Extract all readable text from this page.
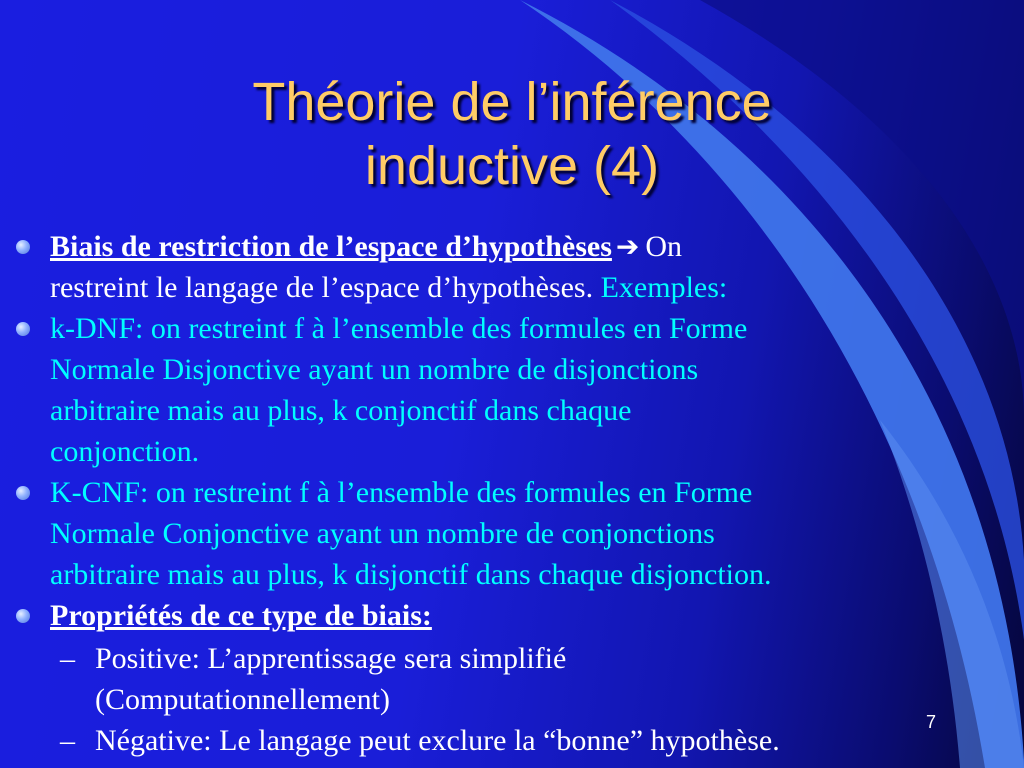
Théorie de l’inférence
inductive (4)
Biais de restriction de l’espace d’hypothèses ➔ On
restreint le langage de l’espace d’hypothèses. Exemples:
k-DNF: on restreint f à l’ensemble des formules en Forme
Normale Disjonctive ayant un nombre de disjonctions
arbitraire mais au plus, k conjonctif dans chaque
conjonction.
K-CNF: on restreint f à l’ensemble des formules en Forme
Normale Conjonctive ayant un nombre de conjonctions
arbitraire mais au plus, k disjonctif dans chaque disjonction.
Propriétés de ce type de biais:
– Positive: L’apprentissage sera simplifié
(Computationnellement)
– Négative: Le langage peut exclure la “bonne” hypothèse.
7
